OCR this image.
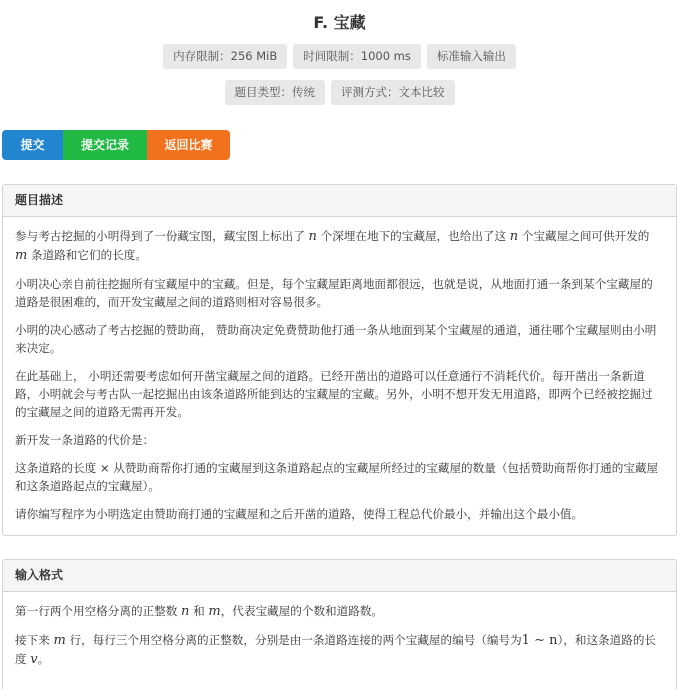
F. 宝藏
内存限制：256 MiB	时间限制：1000 ms	标准输入输出
题目类型：传统	评测方式：文本比较
提交	提交记录	返回比赛
题目描述

参与考古挖掘的小明得到了一份藏宝图，藏宝图上标出了 n 个深埋在地下的宝藏屋，也给出了这 n 个宝藏屋之间可供开发的
m 条道路和它们的长度。

小明决心亲自前往挖掘所有宝藏屋中的宝藏。但是，每个宝藏屋距离地面都很远，也就是说，从地面打通一条到某个宝藏屋的道路是很困难的，而开发宝藏屋之间的道路则相对容易很多。

小明的决心感动了考古挖掘的赞助商， 赞助商决定免费赞助他打通一条从地面到某个宝藏屋的通道，通往哪个宝藏屋则由小明来决定。

在此基础上， 小明还需要考虑如何开凿宝藏屋之间的道路。已经开凿出的道路可以任意通行不消耗代价。每开凿出一条新道路，小明就会与考古队一起挖掘出由该条道路所能到达的宝藏屋的宝藏。另外，小明不想开发无用道路，即两个已经被挖掘过的宝藏屋之间的道路无需再开发。

新开发一条道路的代价是：

这条道路的长度 × 从赞助商帮你打通的宝藏屋到这条道路起点的宝藏屋所经过的宝藏屋的数量（包括赞助商帮你打通的宝藏屋和这条道路起点的宝藏屋）。

请你编写程序为小明选定由赞助商打通的宝藏屋和之后开凿的道路，使得工程总代价最小，并输出这个最小值。

输入格式

第一行两个用空格分离的正整数 n 和 m，代表宝藏屋的个数和道路数。

接下来 m 行，每行三个用空格分离的正整数，分别是由一条道路连接的两个宝藏屋的编号（编号为1 ∼ n），和这条道路的长度 v。
